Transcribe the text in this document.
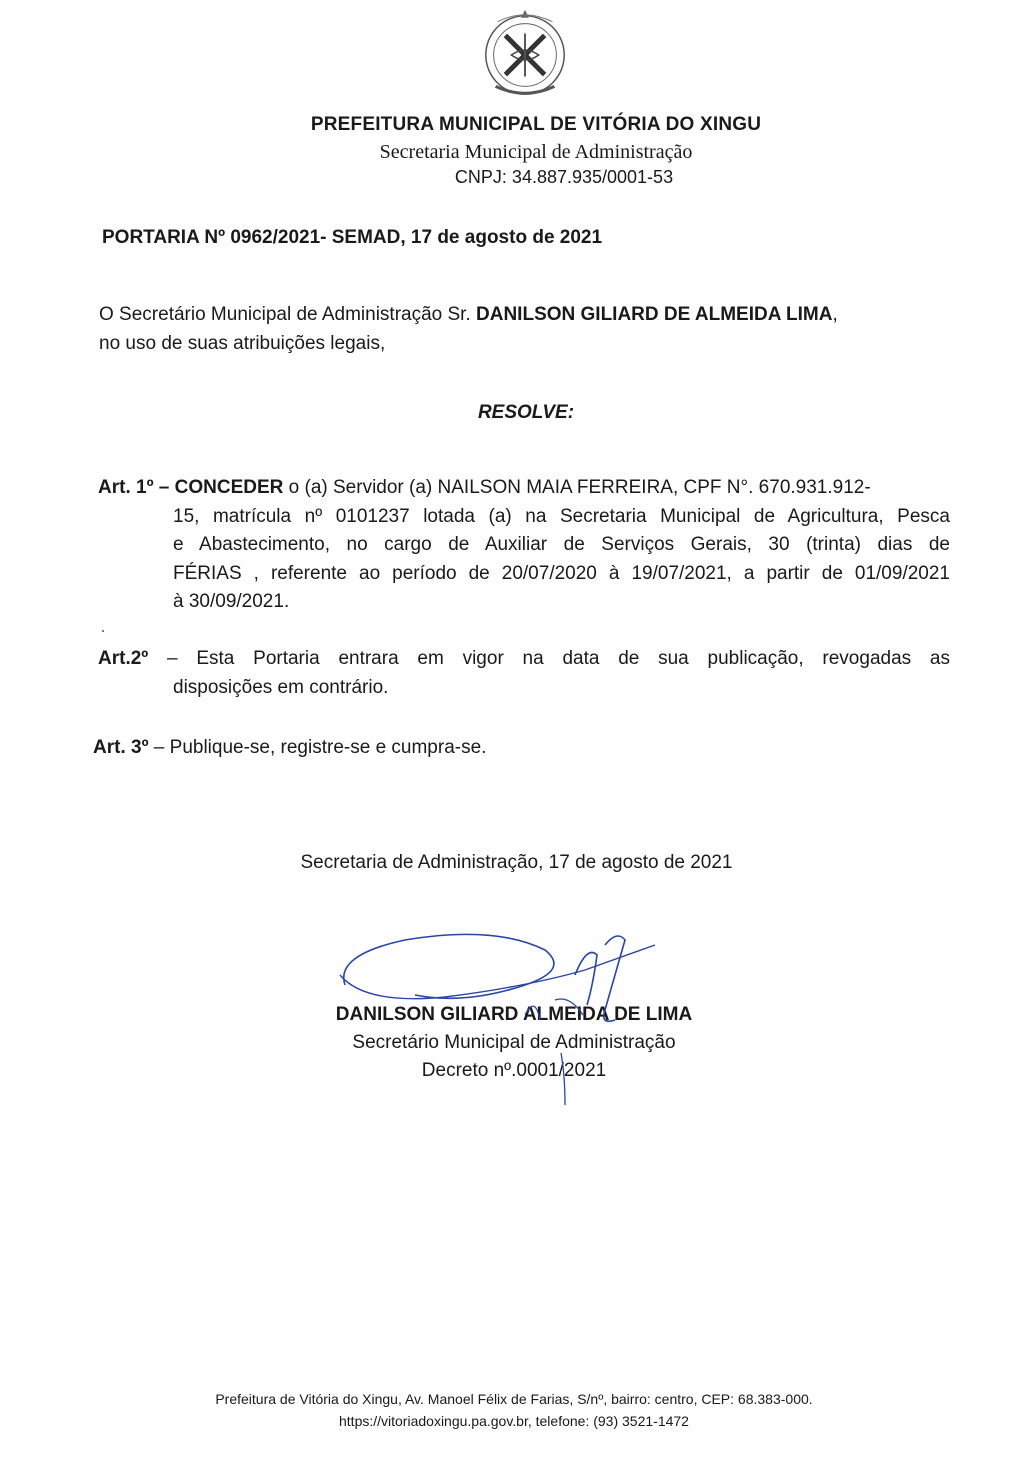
PREFEITURA MUNICIPAL DE VITÓRIA DO XINGU
Secretaria Municipal de Administração
CNPJ: 34.887.935/0001-53
PORTARIA Nº 0962/2021- SEMAD, 17 de agosto de 2021
O Secretário Municipal de Administração Sr. DANILSON GILIARD DE ALMEIDA LIMA,
no uso de suas atribuições legais,
RESOLVE:
Art. 1º – CONCEDER o (a) Servidor (a) NAILSON MAIA FERREIRA, CPF N°. 670.931.912-
15, matrícula nº 0101237 lotada (a) na Secretaria Municipal de Agricultura, Pesca
e Abastecimento, no cargo de Auxiliar de Serviços Gerais, 30 (trinta) dias de
FÉRIAS , referente ao período de 20/07/2020 à 19/07/2021, a partir de 01/09/2021
à 30/09/2021.
Art.2º – Esta Portaria entrara em vigor na data de sua publicação, revogadas as
disposições em contrário.
Art. 3º – Publique-se, registre-se e cumpra-se.
Secretaria de Administração, 17 de agosto de 2021
DANILSON GILIARD ALMEIDA DE LIMA
Secretário Municipal de Administração
Decreto nº.0001/2021
Prefeitura de Vitória do Xingu, Av. Manoel Félix de Farias, S/nº, bairro: centro, CEP: 68.383-000.
https://vitoriadoxingu.pa.gov.br, telefone: (93) 3521-1472
